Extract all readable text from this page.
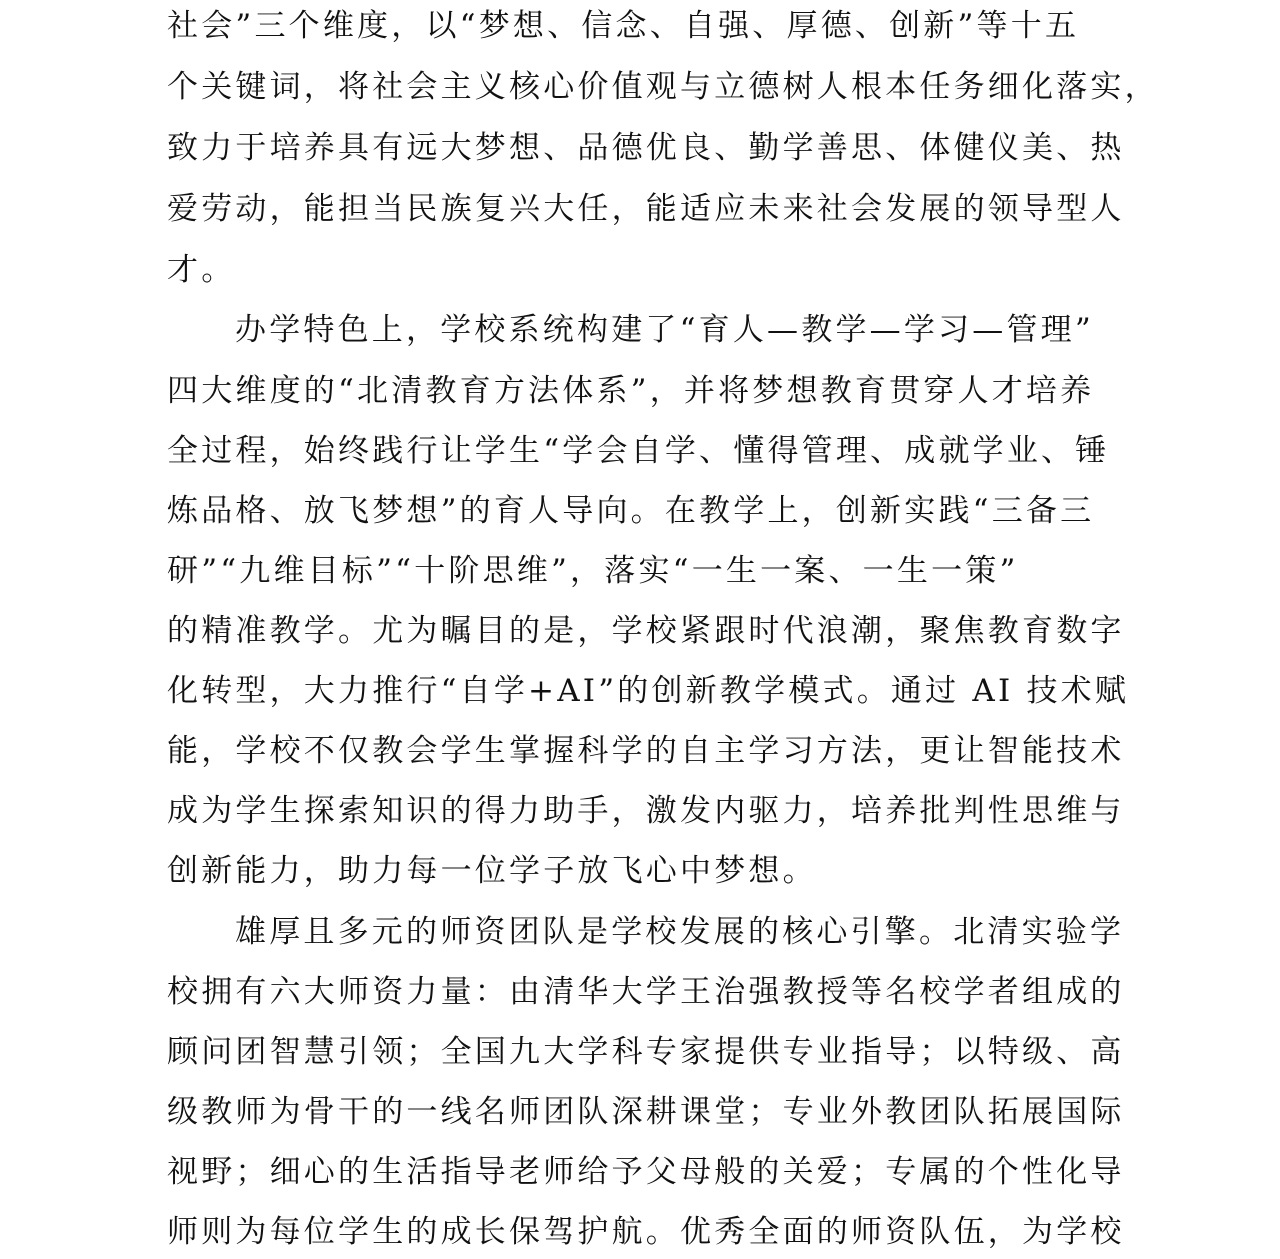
社会”三个维度，以“梦想、信念、自强、厚德、创新”等十五
个关键词，将社会主义核心价值观与立德树人根本任务细化落实，
致力于培养具有远大梦想、品德优良、勤学善思、体健仪美、热
爱劳动，能担当民族复兴大任，能适应未来社会发展的领导型人
才。
办学特色上，学校系统构建了“育人—教学—学习—管理”
四大维度的“北清教育方法体系”，并将梦想教育贯穿人才培养
全过程，始终践行让学生“学会自学、懂得管理、成就学业、锤
炼品格、放飞梦想”的育人导向。在教学上，创新实践“三备三
研”“九维目标”“十阶思维”，落实“一生一案、一生一策”
的精准教学。尤为瞩目的是，学校紧跟时代浪潮，聚焦教育数字
化转型，大力推行“自学+AI”的创新教学模式。通过 AI 技术赋
能，学校不仅教会学生掌握科学的自主学习方法，更让智能技术
成为学生探索知识的得力助手，激发内驱力，培养批判性思维与
创新能力，助力每一位学子放飞心中梦想。
雄厚且多元的师资团队是学校发展的核心引擎。北清实验学
校拥有六大师资力量：由清华大学王治强教授等名校学者组成的
顾问团智慧引领；全国九大学科专家提供专业指导；以特级、高
级教师为骨干的一线名师团队深耕课堂；专业外教团队拓展国际
视野；细心的生活指导老师给予父母般的关爱；专属的个性化导
师则为每位学生的成长保驾护航。优秀全面的师资队伍，为学校
